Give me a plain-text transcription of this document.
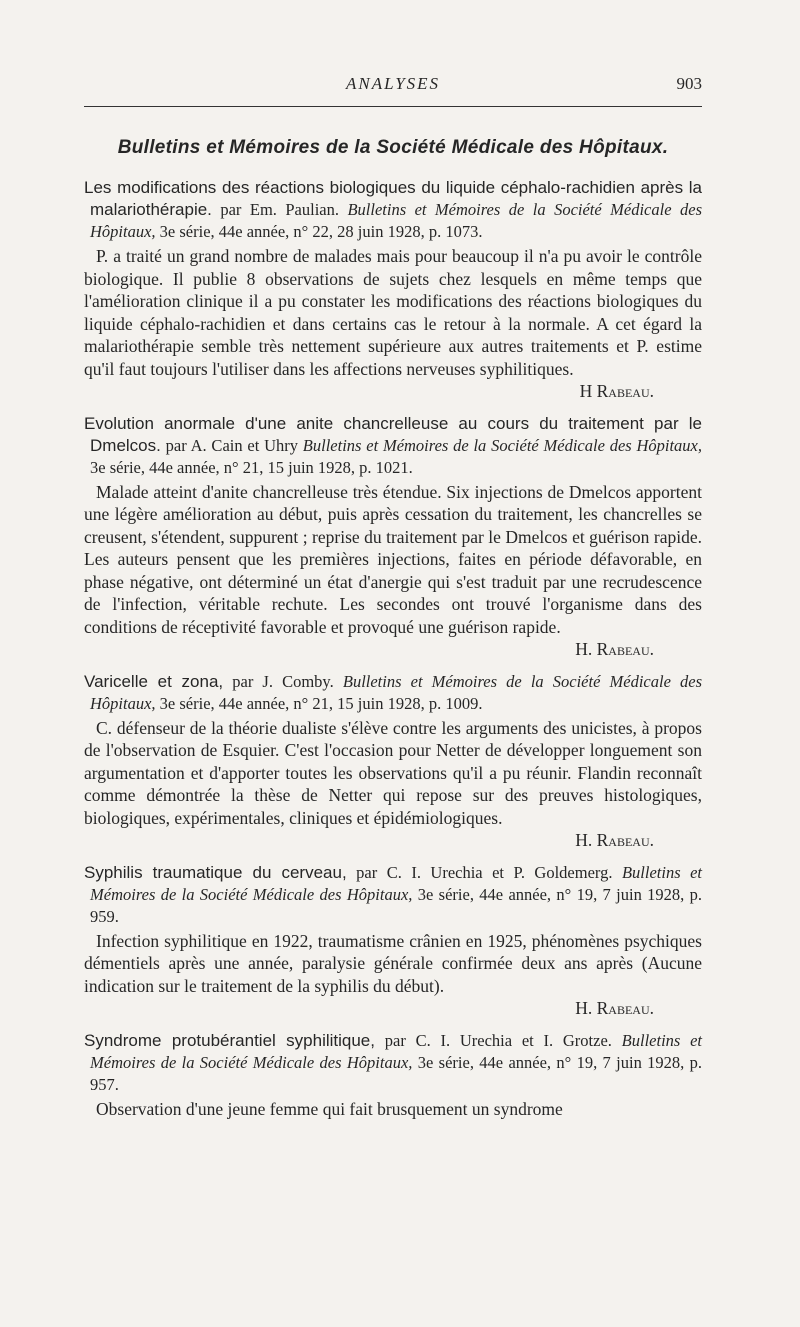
ANALYSES	903
Bulletins et Mémoires de la Société Médicale des Hôpitaux.
Les modifications des réactions biologiques du liquide céphalo-rachidien après la malariothérapie. par Em. Paulian. Bulletins et Mémoires de la Société Médicale des Hôpitaux, 3e série, 44e année, n° 22, 28 juin 1928, p. 1073.

P. a traité un grand nombre de malades mais pour beaucoup il n'a pu avoir le contrôle biologique. Il publie 8 observations de sujets chez lesquels en même temps que l'amélioration clinique il a pu constater les modifications des réactions biologiques du liquide céphalo-rachidien et dans certains cas le retour à la normale. A cet égard la malariothérapie semble très nettement supérieure aux autres traitements et P. estime qu'il faut toujours l'utiliser dans les affections nerveuses syphilitiques.
H Rabeau.

Evolution anormale d'une anite chancrelleuse au cours du traitement par le Dmelcos. par A. Cain et Uhry Bulletins et Mémoires de la Société Médicale des Hôpitaux, 3e série, 44e année, n° 21, 15 juin 1928, p. 1021.

Malade atteint d'anite chancrelleuse très étendue. Six injections de Dmelcos apportent une légère amélioration au début, puis après cessation du traitement, les chancrelles se creusent, s'étendent, suppurent ; reprise du traitement par le Dmelcos et guérison rapide. Les auteurs pensent que les premières injections, faites en période défavorable, en phase négative, ont déterminé un état d'anergie qui s'est traduit par une recrudescence de l'infection, véritable rechute. Les secondes ont trouvé l'organisme dans des conditions de réceptivité favorable et provoqué une guérison rapide.
H. Rabeau.

Varicelle et zona, par J. Comby. Bulletins et Mémoires de la Société Médicale des Hôpitaux, 3e série, 44e année, n° 21, 15 juin 1928, p. 1009.

C. défenseur de la théorie dualiste s'élève contre les arguments des unicistes, à propos de l'observation de Esquier. C'est l'occasion pour Netter de développer longuement son argumentation et d'apporter toutes les observations qu'il a pu réunir. Flandin reconnaît comme démontrée la thèse de Netter qui repose sur des preuves histologiques, biologiques, expérimentales, cliniques et épidémiologiques.
H. Rabeau.

Syphilis traumatique du cerveau, par C. I. Urechia et P. Goldemerg. Bulletins et Mémoires de la Société Médicale des Hôpitaux, 3e série, 44e année, n° 19, 7 juin 1928, p. 959.

Infection syphilitique en 1922, traumatisme crânien en 1925, phénomènes psychiques démentiels après une année, paralysie générale confirmée deux ans après (Aucune indication sur le traitement de la syphilis du début).
H. Rabeau.

Syndrome protubérantiel syphilitique, par C. I. Urechia et I. Grotze. Bulletins et Mémoires de la Société Médicale des Hôpitaux, 3e série, 44e année, n° 19, 7 juin 1928, p. 957.

Observation d'une jeune femme qui fait brusquement un syndrome
